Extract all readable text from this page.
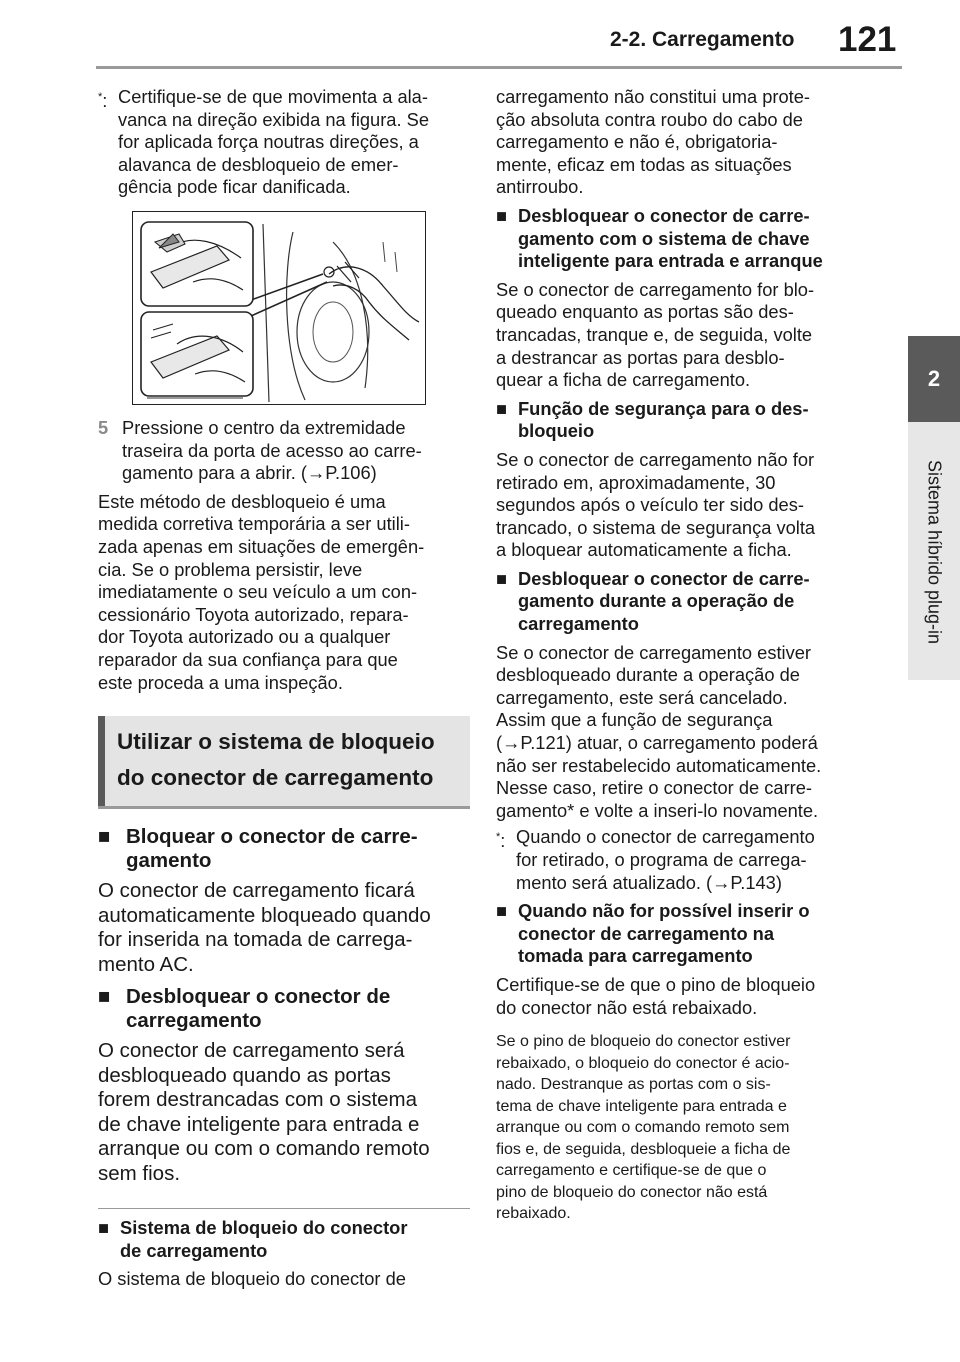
2-2. Carregamento 121
2
Sistema híbrido plug-in
*: Certifique-se de que movimenta a ala-

vanca na direção exibida na figura. Se

for aplicada força noutras direções, a

alavanca de desbloqueio de emer-

gência pode ficar danificada.

5 Pressione o centro da extremidade

traseira da porta de acesso ao carre-

gamento para a abrir. (→P.106)

Este método de desbloqueio é uma

medida corretiva temporária a ser utili-

zada apenas em situações de emergên-

cia. Se o problema persistir, leve

imediatamente o seu veículo a um con-

cessionário Toyota autorizado, repara-

dor Toyota autorizado ou a qualquer

reparador da sua confiança para que

este proceda a uma inspeção.

Utilizar o sistema de bloqueio
do conector de carregamento
■ Bloquear o conector de carre-

gamento

O conector de carregamento ficará

automaticamente bloqueado quando

for inserida na tomada de carrega-

mento AC.

■ Desbloquear o conector de

carregamento

O conector de carregamento será

desbloqueado quando as portas

forem destrancadas com o sistema

de chave inteligente para entrada e

arranque ou com o comando remoto

sem fios.

■ Sistema de bloqueio do conector

de carregamento

O sistema de bloqueio do conector de

carregamento não constitui uma prote-

ção absoluta contra roubo do cabo de

carregamento e não é, obrigatoria-

mente, eficaz em todas as situações

antirroubo.

■ Desbloquear o conector de carre-

gamento com o sistema de chave

inteligente para entrada e arranque

Se o conector de carregamento for blo-

queado enquanto as portas são des-

trancadas, tranque e, de seguida, volte

a destrancar as portas para desblo-

quear a ficha de carregamento.

■ Função de segurança para o des-

bloqueio

Se o conector de carregamento não for

retirado em, aproximadamente, 30

segundos após o veículo ter sido des-

trancado, o sistema de segurança volta

a bloquear automaticamente a ficha.

■ Desbloquear o conector de carre-

gamento durante a operação de

carregamento

Se o conector de carregamento estiver

desbloqueado durante a operação de

carregamento, este será cancelado.

Assim que a função de segurança

(→P.121) atuar, o carregamento poderá

não ser restabelecido automaticamente.

Nesse caso, retire o conector de carre-

gamento* e volte a inseri-lo novamente.

*: Quando o conector de carregamento

for retirado, o programa de carrega-

mento será atualizado. (→P.143)

■ Quando não for possível inserir o

conector de carregamento na

tomada para carregamento

Certifique-se de que o pino de bloqueio

do conector não está rebaixado.

Se o pino de bloqueio do conector estiver

rebaixado, o bloqueio do conector é acio-

nado. Destranque as portas com o sis-

tema de chave inteligente para entrada e

arranque ou com o comando remoto sem

fios e, de seguida, desbloqueie a ficha de

carregamento e certifique-se de que o

pino de bloqueio do conector não está

rebaixado.
